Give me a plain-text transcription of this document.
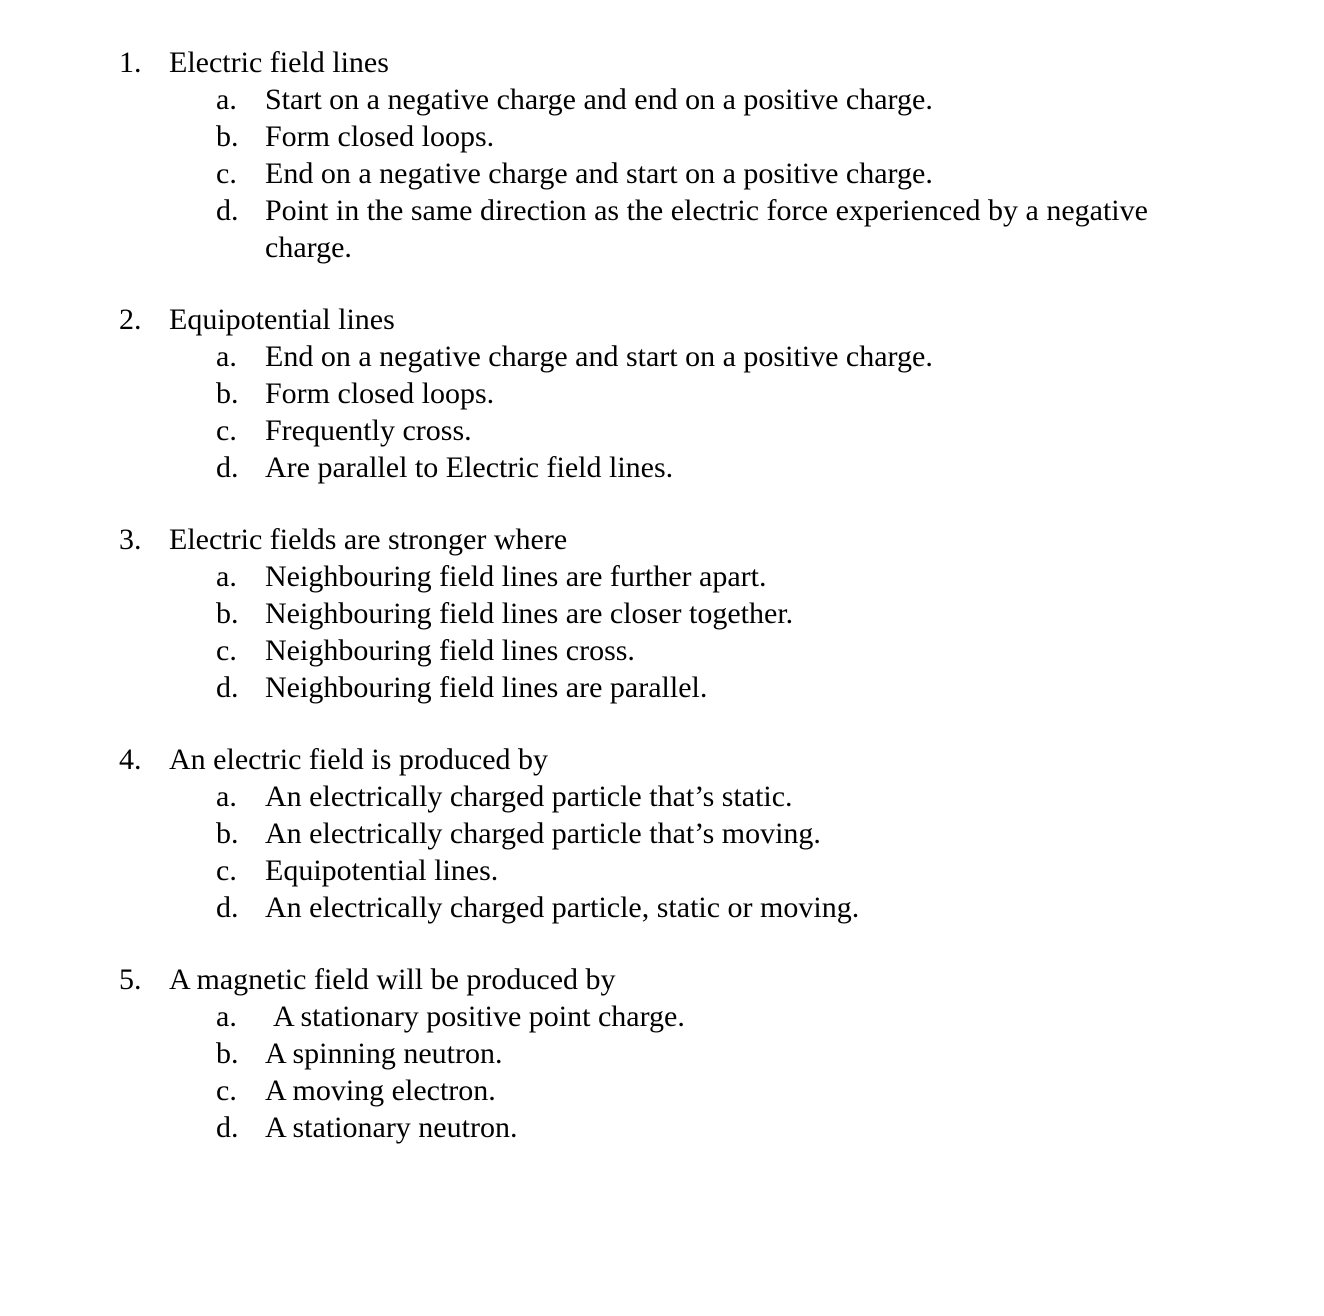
1. Electric field lines
a. Start on a negative charge and end on a positive charge.
b. Form closed loops.
c. End on a negative charge and start on a positive charge.
d. Point in the same direction as the electric force experienced by a negative charge.
2. Equipotential lines
a. End on a negative charge and start on a positive charge.
b. Form closed loops.
c. Frequently cross.
d. Are parallel to Electric field lines.
3. Electric fields are stronger where
a. Neighbouring field lines are further apart.
b. Neighbouring field lines are closer together.
c. Neighbouring field lines cross.
d. Neighbouring field lines are parallel.
4. An electric field is produced by
a. An electrically charged particle that’s static.
b. An electrically charged particle that’s moving.
c. Equipotential lines.
d. An electrically charged particle, static or moving.
5. A magnetic field will be produced by
a. A stationary positive point charge.
b. A spinning neutron.
c. A moving electron.
d. A stationary neutron.
